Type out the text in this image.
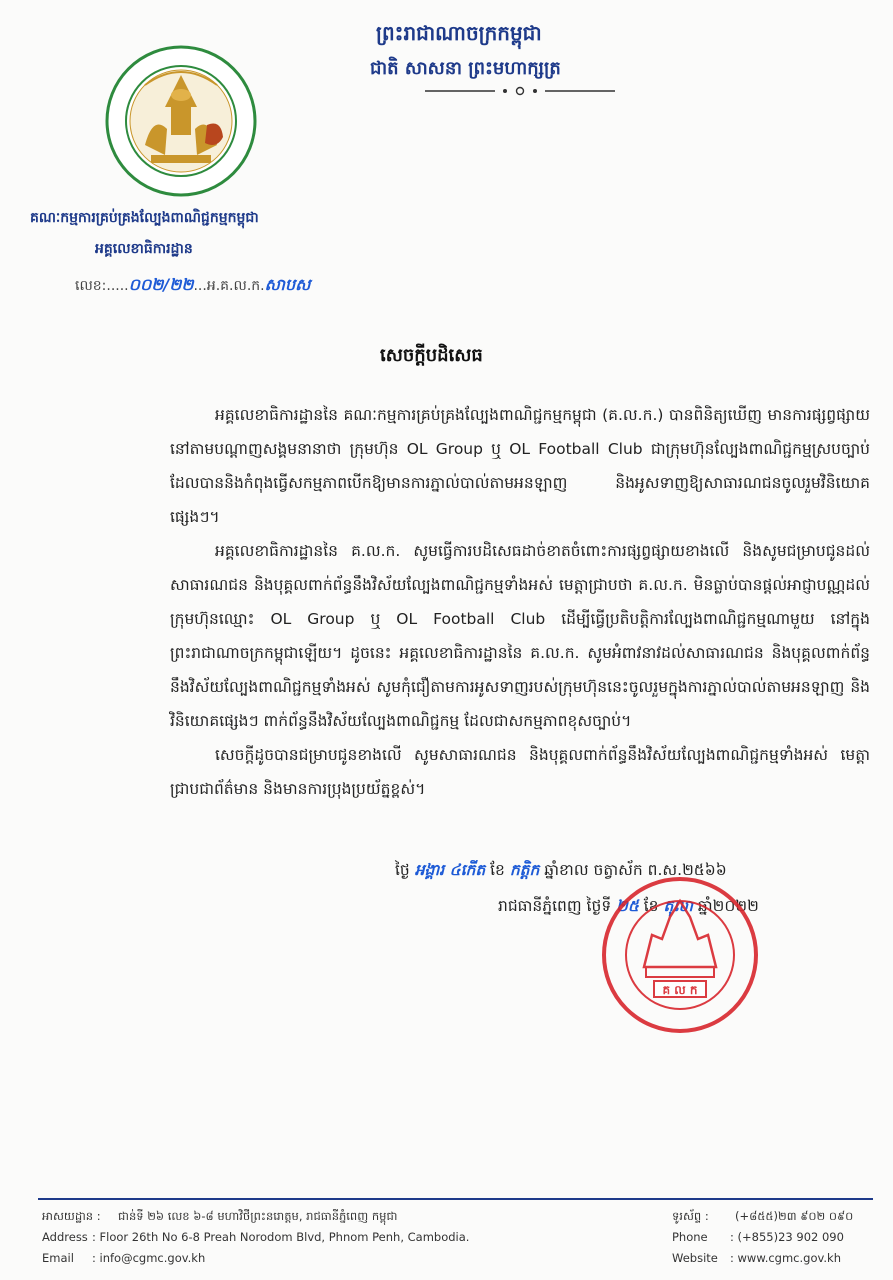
ព្រះរាជាណាចក្រកម្ពុជា
ជាតិ សាសនា ព្រះមហាក្សត្រ
គណៈកម្មការគ្រប់គ្រងល្បែងពាណិជ្ជកម្មកម្ពុជា
អគ្គលេខាធិការដ្ឋាន
លេខ:.....០០២/២២...អ.គ.ល.ក.សាបស
សេចក្តីបដិសេធ

អគ្គលេខាធិការដ្ឋាននៃ គណៈកម្មការគ្រប់គ្រងល្បែងពាណិជ្ជកម្មកម្ពុជា (គ.ល.ក.) បានពិនិត្យឃើញ មានការផ្សព្វផ្សាយនៅតាមបណ្តាញសង្គមនានាថា ក្រុមហ៊ុន OL Group ឬ OL Football Club ជាក្រុមហ៊ុនល្បែងពាណិជ្ជកម្មស្របច្បាប់ ដែលបាននិងកំពុងធ្វើសកម្មភាពបើកឱ្យមានការភ្នាល់បាល់តាមអនឡាញ និងអូសទាញឱ្យសាធារណជនចូលរួមវិនិយោគផ្សេងៗ។

អគ្គលេខាធិការដ្ឋាននៃ គ.ល.ក. សូមធ្វើការបដិសេធដាច់ខាតចំពោះការផ្សព្វផ្សាយខាងលើ និងសូមជម្រាបជូនដល់សាធារណជន និងបុគ្គលពាក់ព័ន្ធនឹងវិស័យល្បែងពាណិជ្ជកម្មទាំងអស់ មេត្តាជ្រាបថា គ.ល.ក. មិនធ្លាប់បានផ្តល់អាជ្ញាបណ្ណដល់ក្រុមហ៊ុនឈ្មោះ OL Group ឬ OL Football Club ដើម្បីធ្វើប្រតិបត្តិការល្បែងពាណិជ្ជកម្មណាមួយ នៅក្នុងព្រះរាជាណាចក្រកម្ពុជាឡើយ។ ដូចនេះ អគ្គលេខាធិការដ្ឋាននៃ គ.ល.ក. សូមអំពាវនាវដល់សាធារណជន និងបុគ្គលពាក់ព័ន្ធនឹងវិស័យល្បែងពាណិជ្ជកម្មទាំងអស់ សូមកុំជឿតាមការអូសទាញរបស់ក្រុមហ៊ុននេះចូលរួមក្នុងការភ្នាល់បាល់តាមអនឡាញ និងវិនិយោគផ្សេងៗ ពាក់ព័ន្ធនឹងវិស័យល្បែងពាណិជ្ជកម្ម ដែលជាសកម្មភាពខុសច្បាប់។

សេចក្តីដូចបានជម្រាបជូនខាងលើ សូមសាធារណជន និងបុគ្គលពាក់ព័ន្ធនឹងវិស័យល្បែងពាណិជ្ជកម្មទាំងអស់ មេត្តាជ្រាបជាព័ត៌មាន និងមានការប្រុងប្រយ័ត្នខ្ពស់។

ថ្ងៃ អង្គារ ៤កើត ខែ កត្តិក ឆ្នាំខាល ចត្វាស័ក ព.ស.២៥៦៦
រាជធានីភ្នំពេញ ថ្ងៃទី ២៥ ខែ តុលា ឆ្នាំ២០២២
គ ល ក
អាសយដ្ឋាន :	ជាន់ទី ២៦ លេខ ៦-៨ មហាវិថីព្រះនរោត្តម, រាជធានីភ្នំពេញ កម្ពុជា
Address : Floor 26th No 6-8 Preah Norodom Blvd, Phnom Penh, Cambodia.
Email	: info@cgmc.gov.kh
ទូរស័ព្ទ : (+៨៥៥)២៣ ៩០២ ០៩០
Phone : (+855)23 902 090
Website : www.cgmc.gov.kh
